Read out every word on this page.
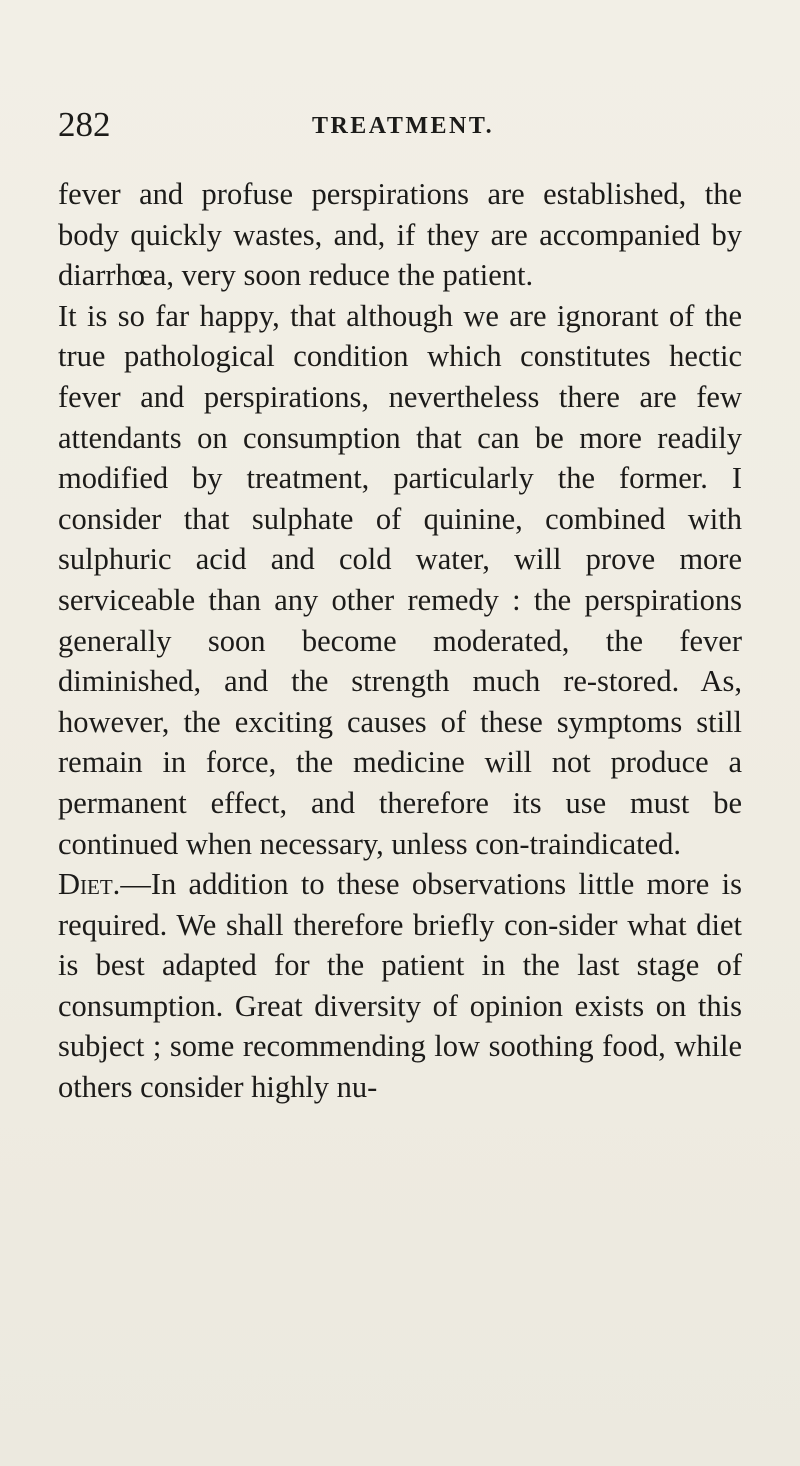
282	TREATMENT.

fever and profuse perspirations are established, the body quickly wastes, and, if they are accompanied by diarrhœa, very soon reduce the patient.

It is so far happy, that although we are ignorant of the true pathological condition which constitutes hectic fever and perspirations, nevertheless there are few attendants on consumption that can be more readily modified by treatment, particularly the former. I consider that sulphate of quinine, combined with sulphuric acid and cold water, will prove more serviceable than any other remedy : the perspirations generally soon become moderated, the fever diminished, and the strength much re-stored. As, however, the exciting causes of these symptoms still remain in force, the medicine will not produce a permanent effect, and therefore its use must be continued when necessary, unless con-traindicated.

Diet.—In addition to these observations little more is required. We shall therefore briefly con-sider what diet is best adapted for the patient in the last stage of consumption. Great diversity of opinion exists on this subject ; some recommending low soothing food, while others consider highly nu-
